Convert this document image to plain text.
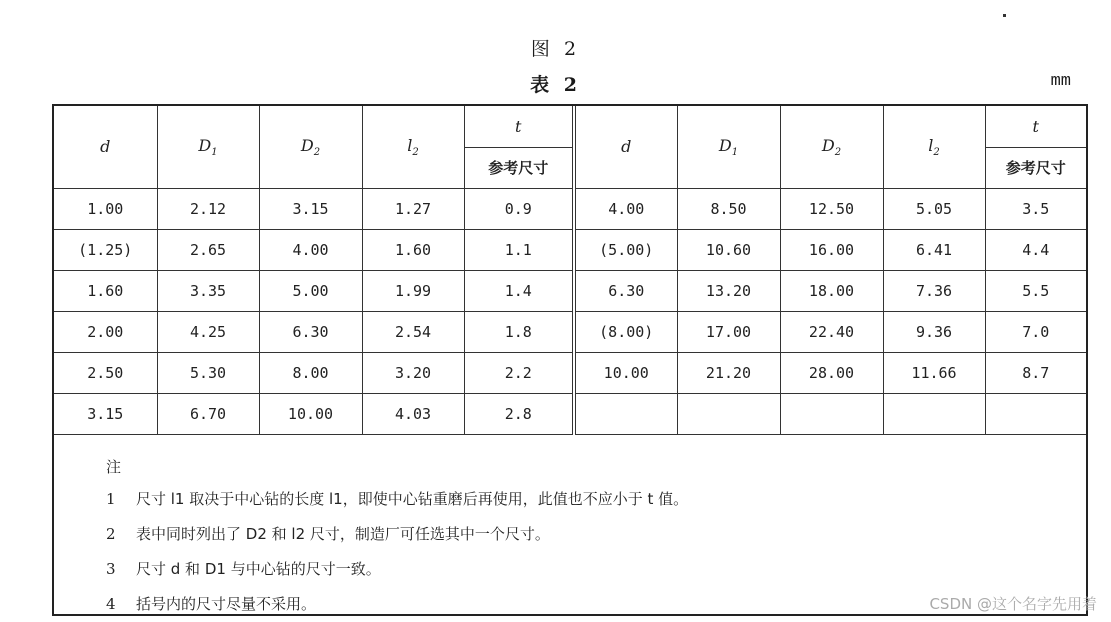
图 2
表 2	mm
d	$D_1$	$D_2$	$l_2$	t	d	$D_1$	$D_2$	$l_2$	t
				参考尺寸					参考尺寸
1.00	2.12	3.15	1.27	0.9	4.00	8.50	12.50	5.05	3.5
(1.25)	2.65	4.00	1.60	1.1	(5.00)	10.60	16.00	6.41	4.4
1.60	3.35	5.00	1.99	1.4	6.30	13.20	18.00	7.36	5.5
2.00	4.25	6.30	2.54	1.8	(8.00)	17.00	22.40	9.36	7.0
2.50	5.30	8.00	3.20	2.2	10.00	21.20	28.00	11.66	8.7
3.15	6.70	10.00	4.03	2.8					
注
1 尺寸 l1 取决于中心钻的长度 l1，即使中心钻重磨后再使用，此值也不应小于 t 值。
2 表中同时列出了 D2 和 l2 尺寸，制造厂可任选其中一个尺寸。
3 尺寸 d 和 D1 与中心钻的尺寸一致。
4 括号内的尺寸尽量不采用。	CSDN @这个名字先用着
